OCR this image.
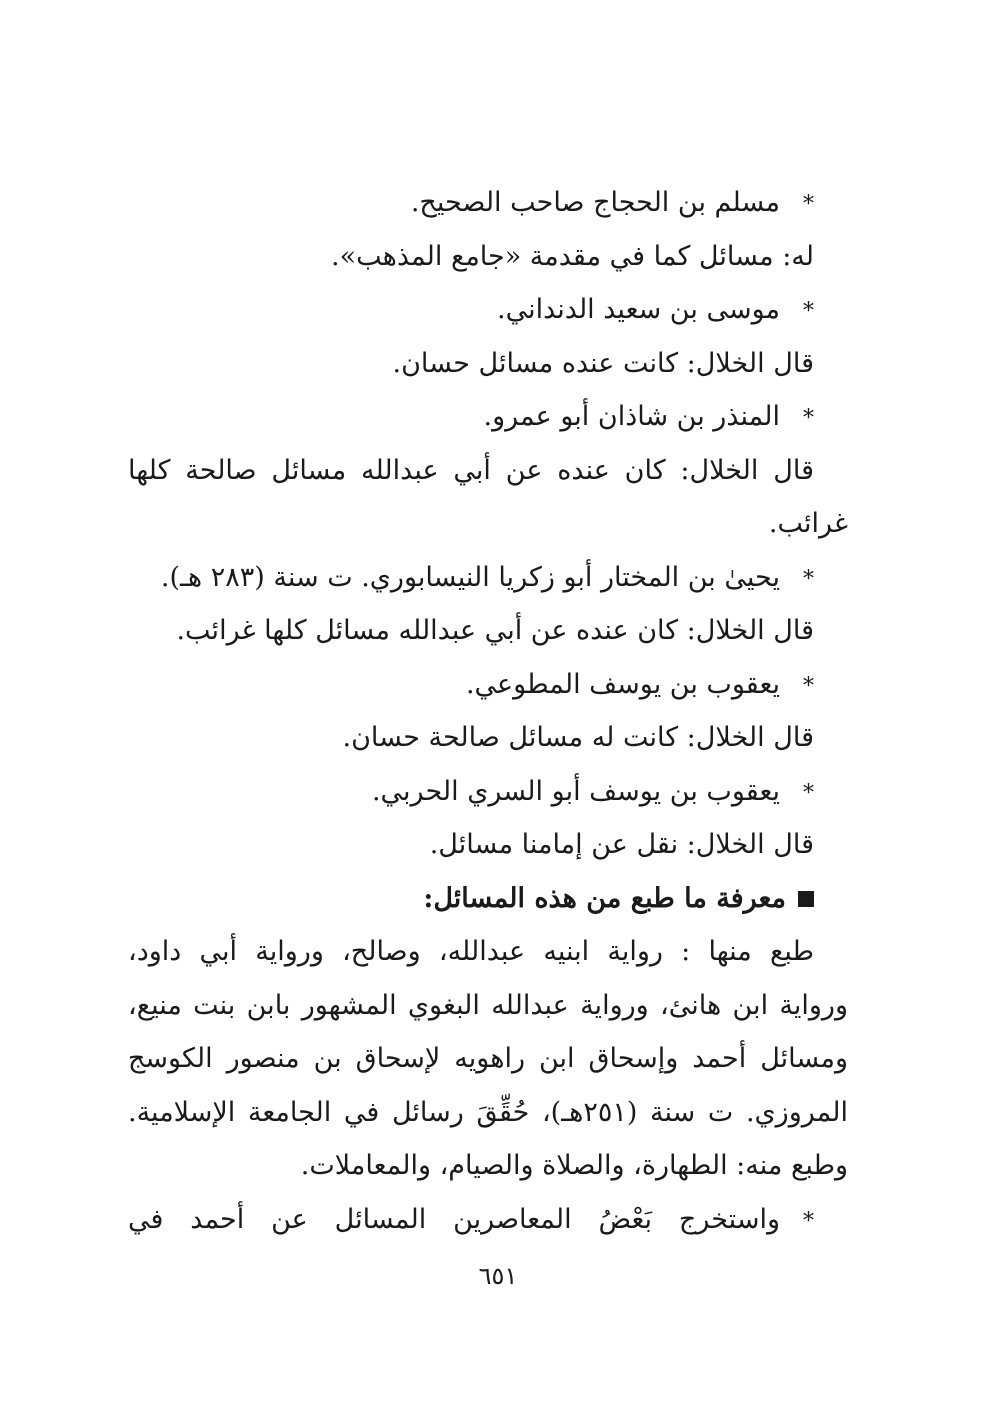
*مسلم بن الحجاج صاحب الصحيح.
له: مسائل كما في مقدمة «جامع المذهب».
*موسى بن سعيد الدنداني.
قال الخلال: كانت عنده مسائل حسان.
*المنذر بن شاذان أبو عمرو.
قال الخلال: كان عنده عن أبي عبدالله مسائل صالحة كلها
غرائب.
*يحيىٰ بن المختار أبو زكريا النيسابوري. ت سنة (٢٨٣ هـ).
قال الخلال: كان عنده عن أبي عبدالله مسائل كلها غرائب.
*يعقوب بن يوسف المطوعي.
قال الخلال: كانت له مسائل صالحة حسان.
*يعقوب بن يوسف أبو السري الحربي.
قال الخلال: نقل عن إمامنا مسائل.
معرفة ما طبع من هذه المسائل:
طبع منها : رواية ابنيه عبدالله، وصالح، ورواية أبي داود،
ورواية ابن هانئ، ورواية عبدالله البغوي المشهور بابن بنت منيع،
ومسائل أحمد وإسحاق ابن راهويه لإسحاق بن منصور الكوسج
المروزي. ت سنة (٢٥١هـ)، حُقِّقَ رسائل في الجامعة الإسلامية.
وطبع منه: الطهارة، والصلاة والصيام، والمعاملات.
*واستخرج بَعْضُ المعاصرين المسائل عن أحمد في
٦٥١
